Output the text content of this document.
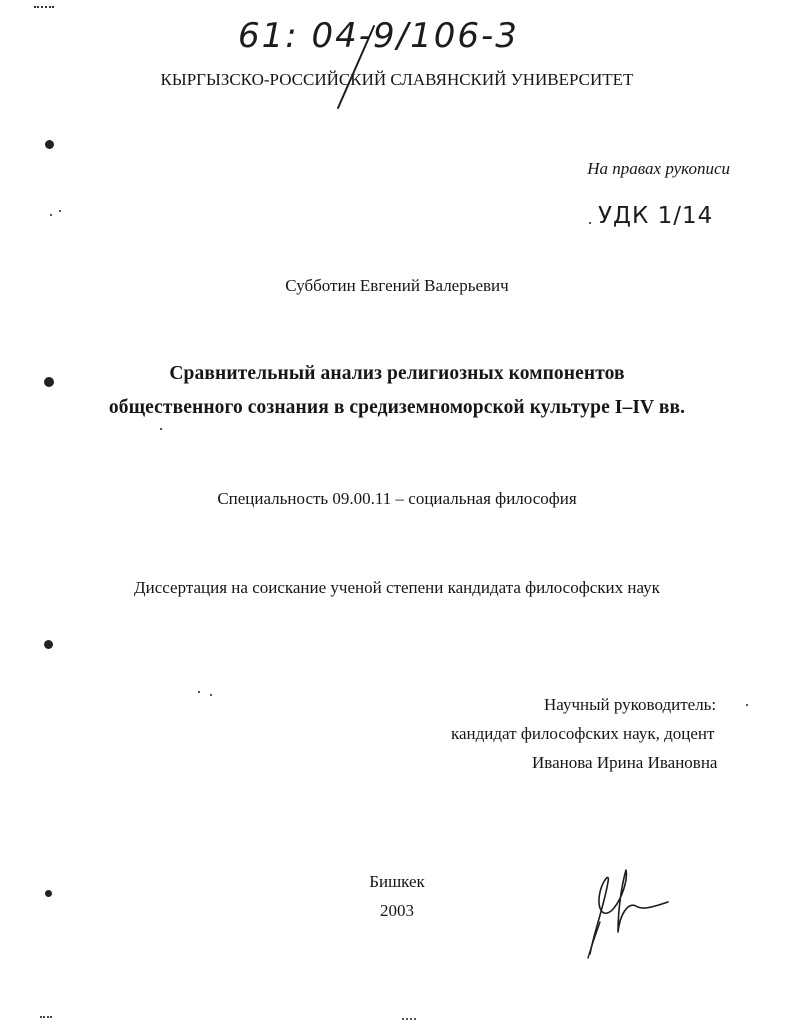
61: 04-9/106-3
КЫРГЫЗСКО-РОССИЙСКИЙ СЛАВЯНСКИЙ УНИВЕРСИТЕТ
На правах рукописи
УДК 1/14
Субботин Евгений Валерьевич
Сравнительный анализ религиозных компонентов
общественного сознания в средиземноморской культуре I–IV вв.
Специальность 09.00.11 – социальная философия
Диссертация на соискание ученой степени кандидата философских наук
Научный руководитель:
кандидат философских наук, доцент
Иванова Ирина Ивановна
Бишкек
2003
